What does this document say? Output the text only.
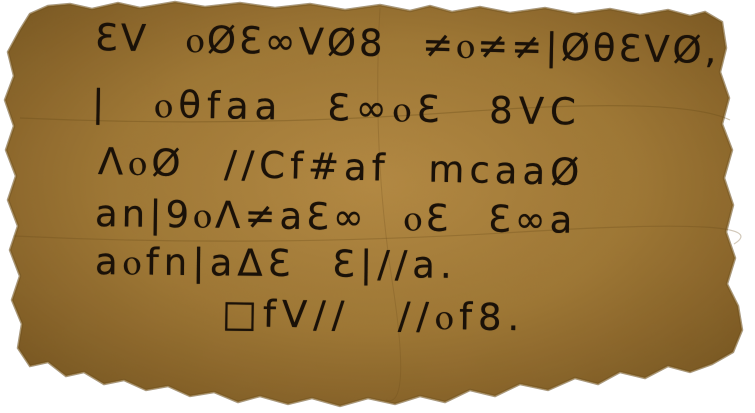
ƐV ⲟØƐ∞VØ8 ≠ⲟ≠≠|ØθƐVØ,
| ⲟθfaa Ɛ∞ⲟƐ 8VC
ΛⲟØ //Cf#af mcaaØ
an|9ⲟΛ≠aƐ∞ ⲟƐ Ɛ∞a
aⲟfn|aΔƐ Ɛ|//a.
□fV// //ⲟf8.
